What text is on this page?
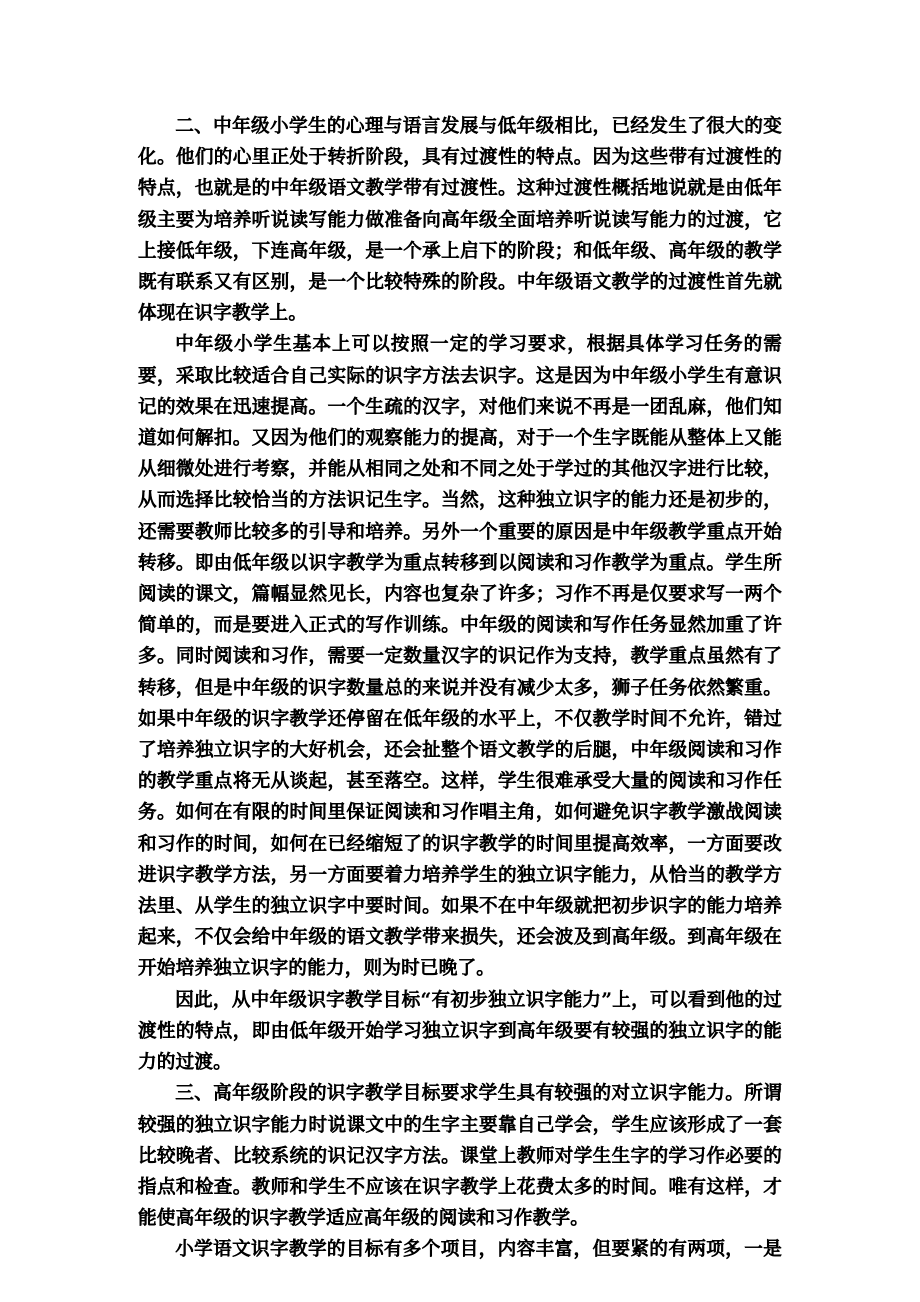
二、中年级小学生的心理与语言发展与低年级相比，已经发生了很大的变化。他们的心里正处于转折阶段，具有过渡性的特点。因为这些带有过渡性的特点，也就是的中年级语文教学带有过渡性。这种过渡性概括地说就是由低年级主要为培养听说读写能力做准备向高年级全面培养听说读写能力的过渡，它上接低年级，下连高年级，是一个承上启下的阶段；和低年级、高年级的教学既有联系又有区别，是一个比较特殊的阶段。中年级语文教学的过渡性首先就体现在识字教学上。

中年级小学生基本上可以按照一定的学习要求，根据具体学习任务的需要，采取比较适合自己实际的识字方法去识字。这是因为中年级小学生有意识记的效果在迅速提高。一个生疏的汉字，对他们来说不再是一团乱麻，他们知道如何解扣。又因为他们的观察能力的提高，对于一个生字既能从整体上又能从细微处进行考察，并能从相同之处和不同之处于学过的其他汉字进行比较，从而选择比较恰当的方法识记生字。当然，这种独立识字的能力还是初步的，还需要教师比较多的引导和培养。另外一个重要的原因是中年级教学重点开始转移。即由低年级以识字教学为重点转移到以阅读和习作教学为重点。学生所阅读的课文，篇幅显然见长，内容也复杂了许多；习作不再是仅要求写一两个简单的，而是要进入正式的写作训练。中年级的阅读和写作任务显然加重了许多。同时阅读和习作，需要一定数量汉字的识记作为支持，教学重点虽然有了转移，但是中年级的识字数量总的来说并没有减少太多，狮子任务依然繁重。如果中年级的识字教学还停留在低年级的水平上，不仅教学时间不允许，错过了培养独立识字的大好机会，还会扯整个语文教学的后腿，中年级阅读和习作的教学重点将无从谈起，甚至落空。这样，学生很难承受大量的阅读和习作任务。如何在有限的时间里保证阅读和习作唱主角，如何避免识字教学激战阅读和习作的时间，如何在已经缩短了的识字教学的时间里提高效率，一方面要改进识字教学方法，另一方面要着力培养学生的独立识字能力，从恰当的教学方法里、从学生的独立识字中要时间。如果不在中年级就把初步识字的能力培养起来，不仅会给中年级的语文教学带来损失，还会波及到高年级。到高年级在开始培养独立识字的能力，则为时已晚了。

因此，从中年级识字教学目标“有初步独立识字能力”上，可以看到他的过渡性的特点，即由低年级开始学习独立识字到高年级要有较强的独立识字的能力的过渡。

三、高年级阶段的识字教学目标要求学生具有较强的对立识字能力。所谓较强的独立识字能力时说课文中的生字主要靠自己学会，学生应该形成了一套比较晚者、比较系统的识记汉字方法。课堂上教师对学生生字的学习作必要的指点和检查。教师和学生不应该在识字教学上花费太多的时间。唯有这样，才能使高年级的识字教学适应高年级的阅读和习作教学。

小学语文识字教学的目标有多个项目，内容丰富，但要紧的有两项，一是
